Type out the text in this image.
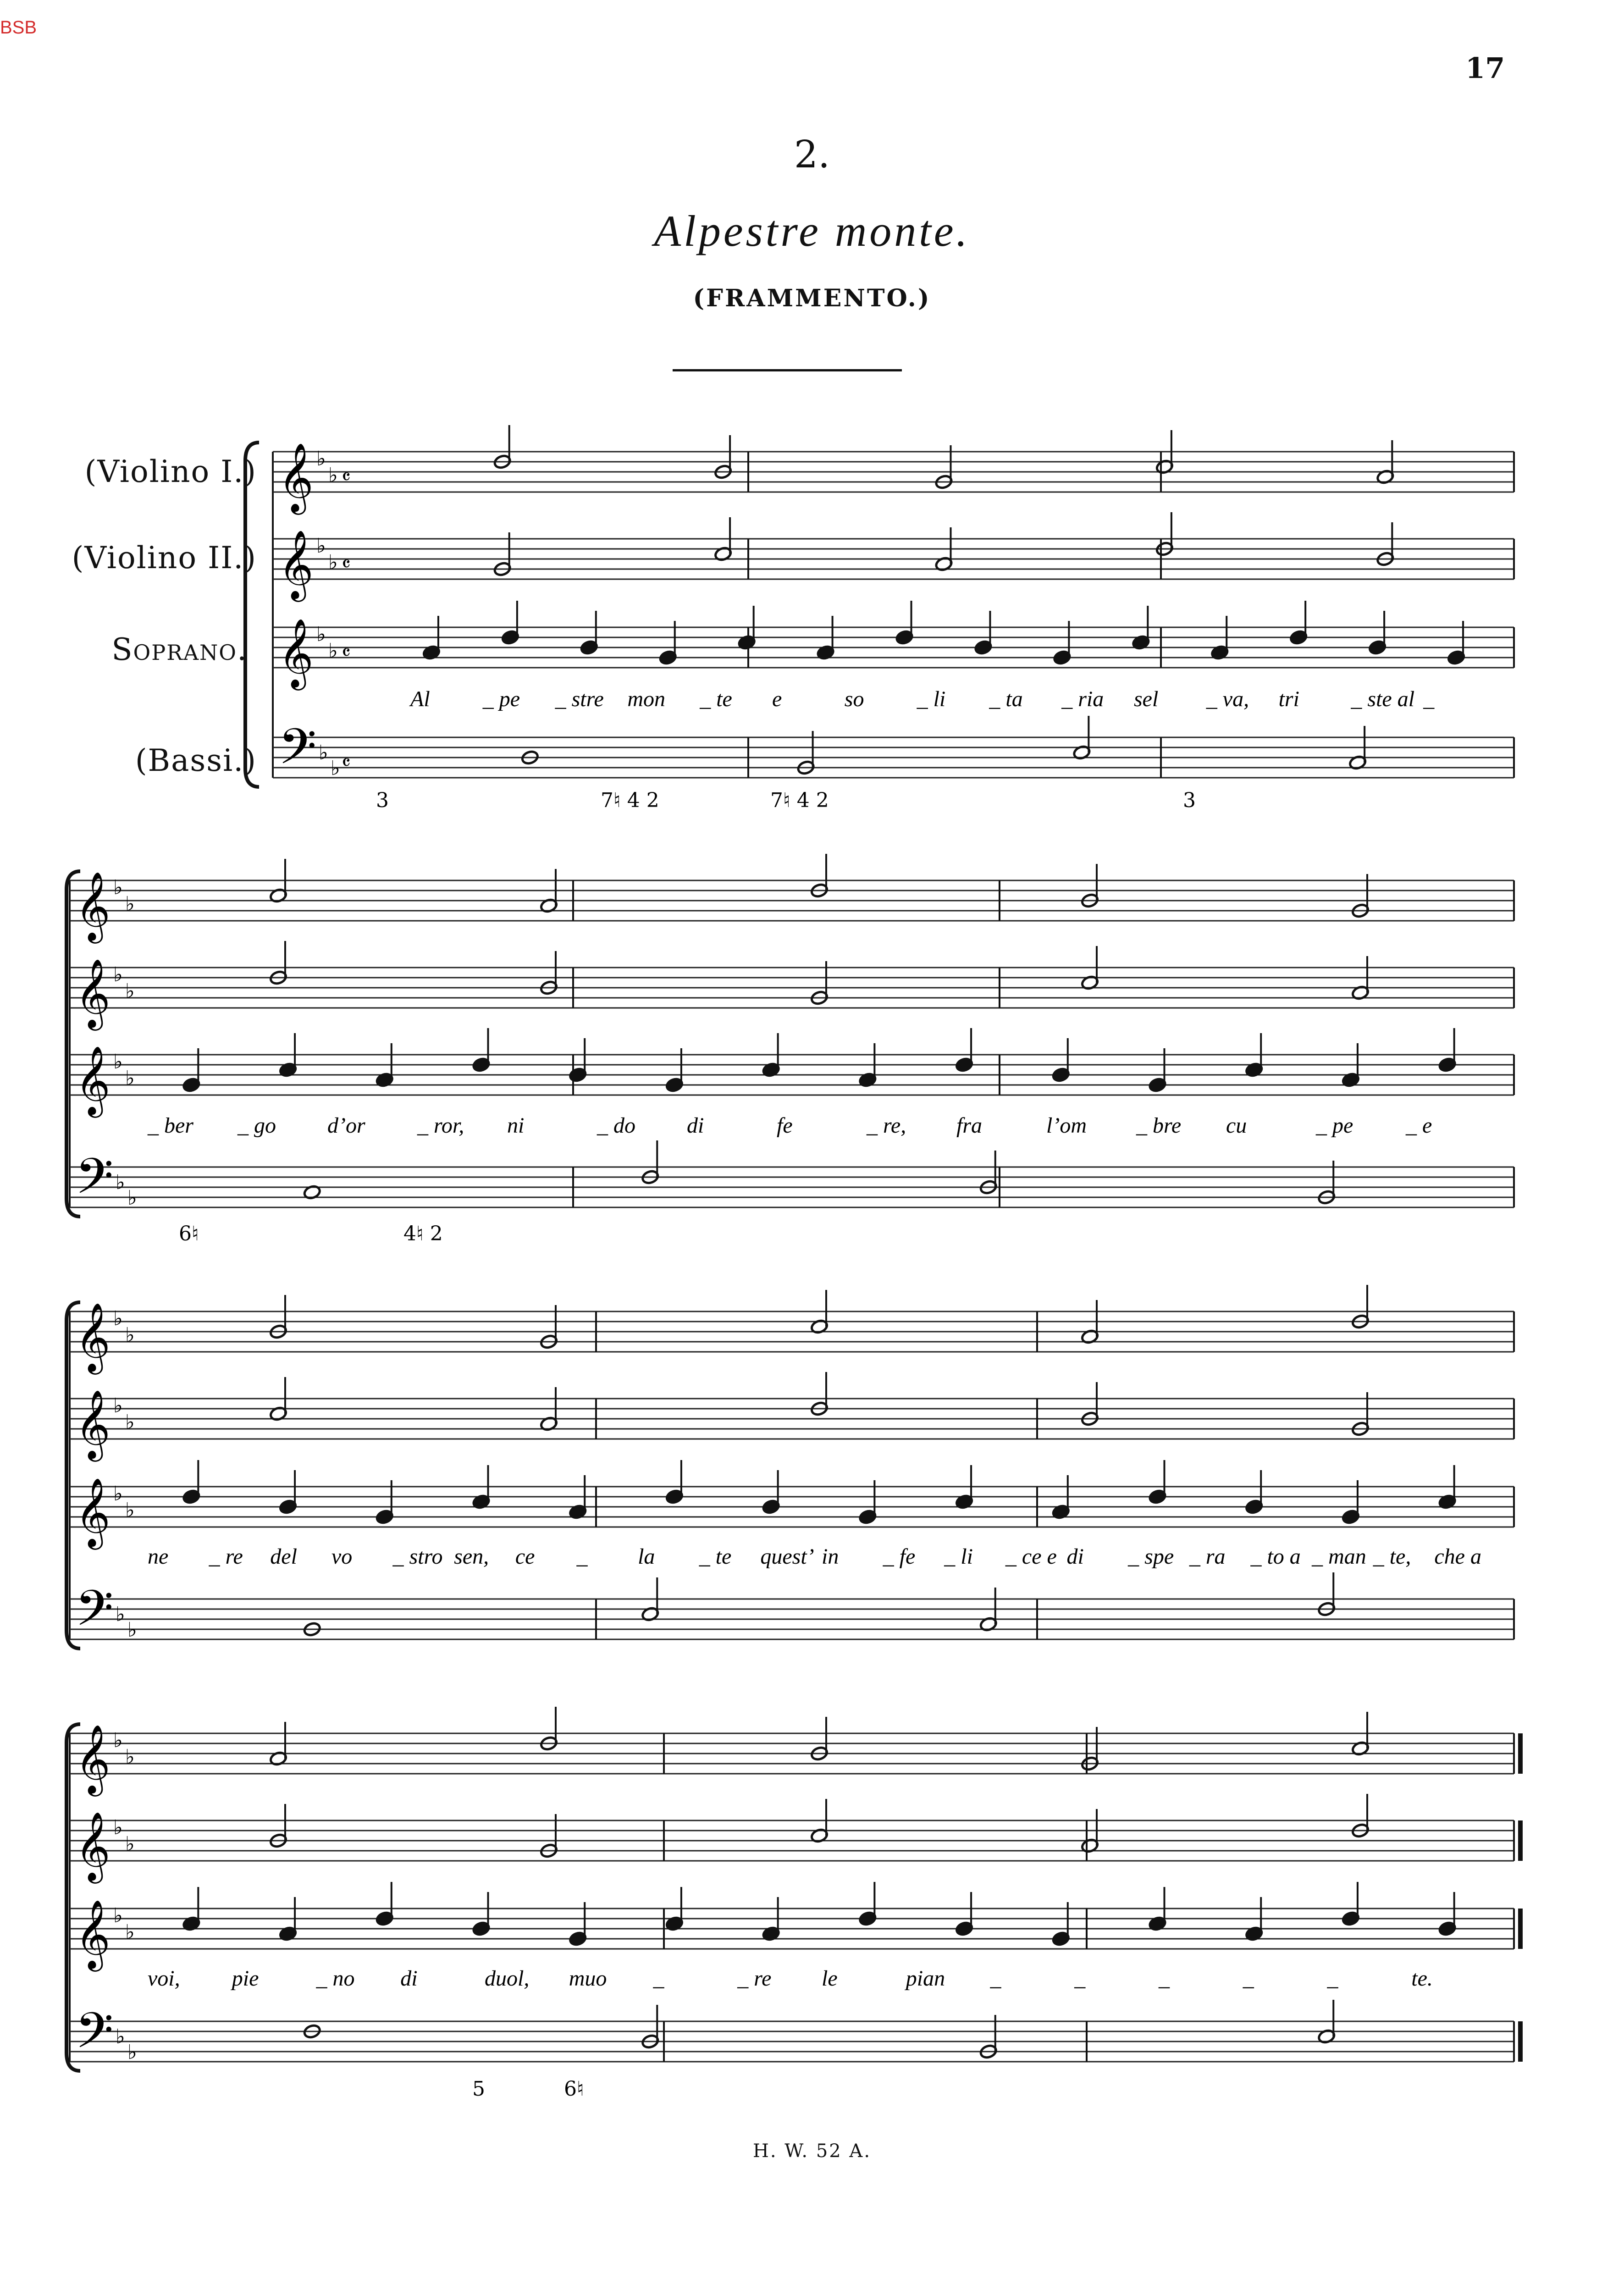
BSB
17
2.
Alpestre monte.
(FRAMMENTO.)
(Violino I.)
(Violino II.)
Soprano.
(Bassi.)
𝄞 ♭
♭ 𝄴
𝄞 ♭
♭ 𝄴
𝄞 ♭
♭ 𝄴
𝄢 ♭
♭ 𝄴
Al _ pe _ stre mon _ te e	so _ li _ ta _ ria sel _ va, tri _ ste al _
3	7♮ 4 2	7♮ 4 2	3
𝄞 ♭
♭
𝄞 ♭
♭
𝄞 ♭
♭
𝄢 ♭
♭
_ ber _ go d’or _ ror, ni	_ do di	fe	_ re, fra	l’om _ bre cu	_ pe _ e
6♮	4♮ 2
𝄞 ♭
♭
𝄞 ♭
♭
𝄞 ♭
♭
𝄢 ♭
♭
ne _ re del vo _ stro sen, ce _ la _ te quest’ in _ fe _ li _ ce e di _ spe _ ra _ to a _ man _ te, che a
𝄞 ♭
♭
𝄞 ♭
♭
𝄞 ♭
♭
𝄢 ♭
♭
voi, pie	_ no di	duol, muo _	_ re le	pian _	_	_	_	_	te.
5	6♮
H. W. 52 A.
